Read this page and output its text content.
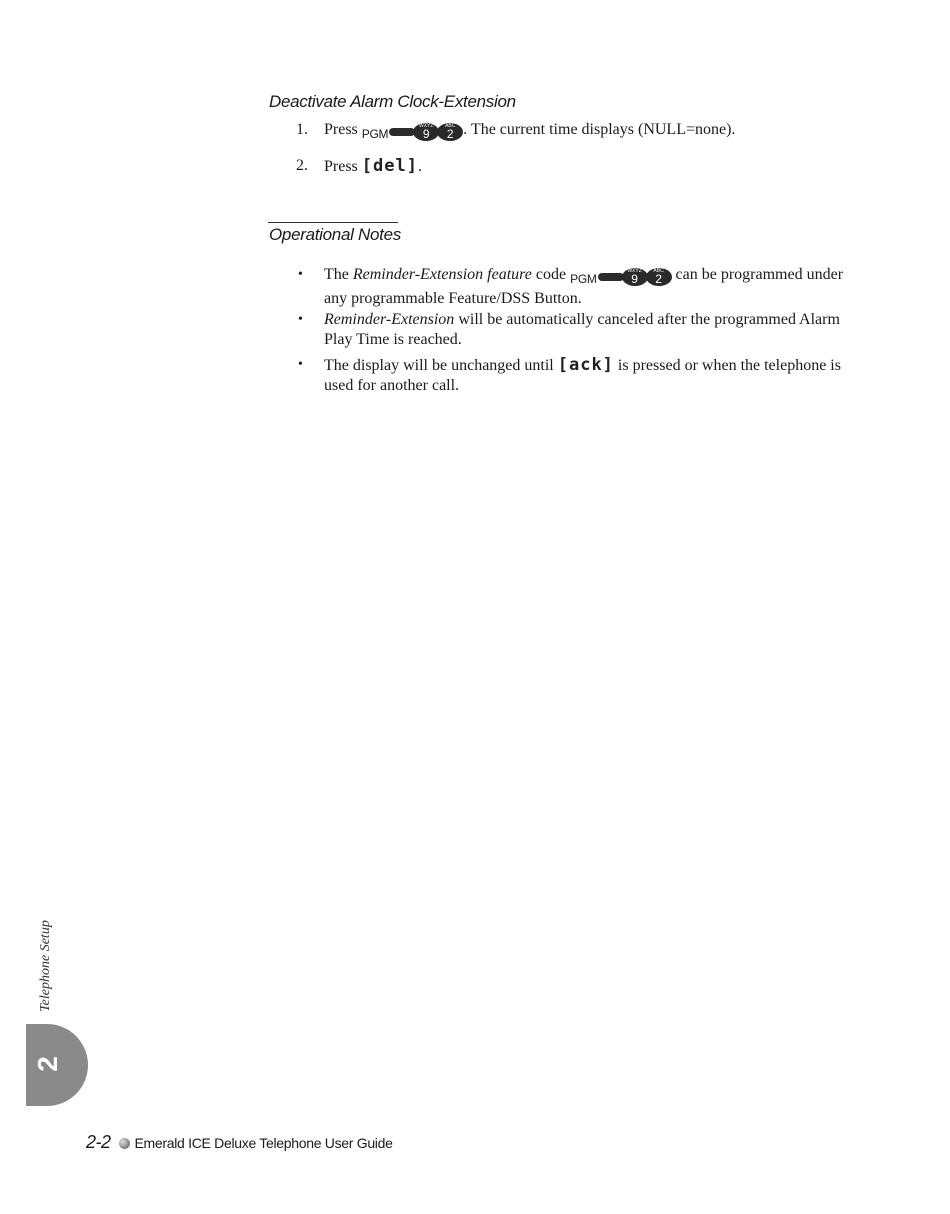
Deactivate Alarm Clock-Extension
1.	Press PGM
WXYZ
9
ABC
2 . The current time displays (NULL=none).
2.	Press [del].
Operational Notes
• The Reminder-Extension feature code PGM
WXYZ
9
ABC
2 can be programmed under any programmable Feature/DSS Button.
• Reminder-Extension will be automatically canceled after the programmed Alarm Play Time is reached.
• The display will be unchanged until [ack] is pressed or when the telephone is used for another call.
Telephone Setup
2
2-2 Emerald ICE Deluxe Telephone User Guide
